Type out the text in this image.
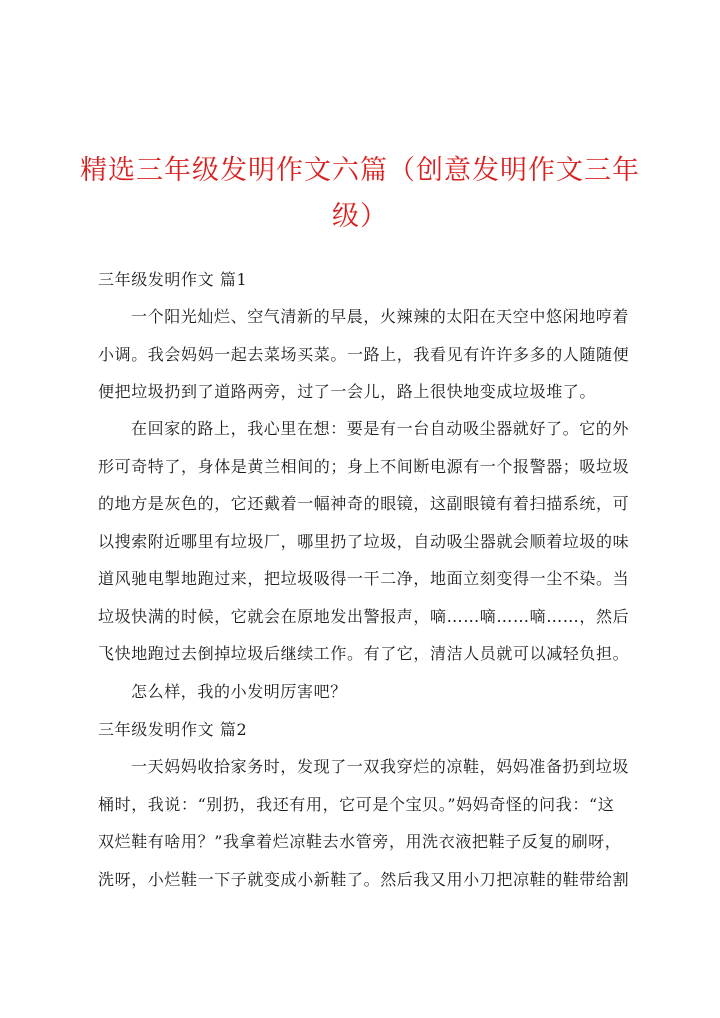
精选三年级发明作文六篇（创意发明作文三年
级）
三年级发明作文 篇1
一个阳光灿烂、空气清新的早晨，火辣辣的太阳在天空中悠闲地哼着
小调。我会妈妈一起去菜场买菜。一路上，我看见有许许多多的人随随便
便把垃圾扔到了道路两旁，过了一会儿，路上很快地变成垃圾堆了。
在回家的路上，我心里在想：要是有一台自动吸尘器就好了。它的外
形可奇特了，身体是黄兰相间的；身上不间断电源有一个报警器；吸垃圾
的地方是灰色的，它还戴着一幅神奇的眼镜，这副眼镜有着扫描系统，可
以搜索附近哪里有垃圾厂，哪里扔了垃圾，自动吸尘器就会顺着垃圾的味
道风驰电掣地跑过来，把垃圾吸得一干二净，地面立刻变得一尘不染。当
垃圾快满的时候，它就会在原地发出警报声，嘀……嘀……嘀……，然后
飞快地跑过去倒掉垃圾后继续工作。有了它，清洁人员就可以减轻负担。
怎么样，我的小发明厉害吧？
三年级发明作文 篇2
一天妈妈收拾家务时，发现了一双我穿烂的凉鞋，妈妈准备扔到垃圾
桶时，我说：“别扔，我还有用，它可是个宝贝。”妈妈奇怪的问我：“这
双烂鞋有啥用？”我拿着烂凉鞋去水管旁，用洗衣液把鞋子反复的刷呀，
洗呀，小烂鞋一下子就变成小新鞋了。然后我又用小刀把凉鞋的鞋带给割
